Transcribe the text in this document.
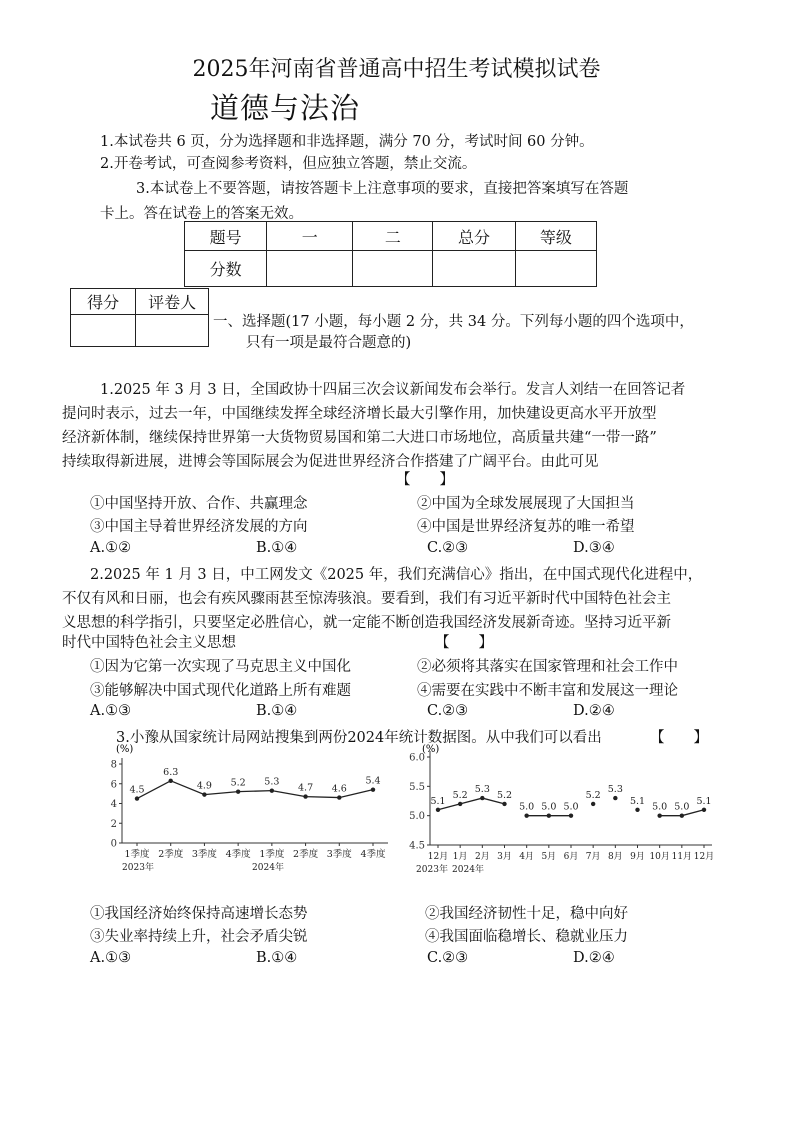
2025年河南省普通高中招生考试模拟试卷
道德与法治
1.本试卷共 6 页，分为选择题和非选择题，满分 70 分，考试时间 60 分钟。
2.开卷考试，可查阅参考资料，但应独立答题，禁止交流。
3.本试卷上不要答题，请按答题卡上注意事项的要求，直接把答案填写在答题
卡上。答在试卷上的答案无效。
题号	一	二	总分	等级
分数				
得分	评卷人

一、选择题(17 小题，每小题 2 分，共 34 分。下列每小题的四个选项中，
只有一项是最符合题意的)
1.2025 年 3 月 3 日，全国政协十四届三次会议新闻发布会举行。发言人刘结一在回答记者
提问时表示，过去一年，中国继续发挥全球经济增长最大引擎作用，加快建设更高水平开放型
经济新体制，继续保持世界第一大货物贸易国和第二大进口市场地位，高质量共建“一带一路”
持续取得新进展，进博会等国际展会为促进世界经济合作搭建了广阔平台。由此可见
【　　】
①中国坚持开放、合作、共赢理念	②中国为全球发展展现了大国担当
③中国主导着世界经济发展的方向	④中国是世界经济复苏的唯一希望
A.①②	B.①④	C.②③	D.③④
2.2025 年 1 月 3 日，中工网发文《2025 年，我们充满信心》指出，在中国式现代化进程中，
不仅有风和日丽，也会有疾风骤雨甚至惊涛骇浪。要看到，我们有习近平新时代中国特色社会主
义思想的科学指引，只要坚定必胜信心，就一定能不断创造我国经济发展新奇迹。坚持习近平新
时代中国特色社会主义思想	【　　】
①因为它第一次实现了马克思主义中国化	②必须将其落实在国家管理和社会工作中
③能够解决中国式现代化道路上所有难题	④需要在实践中不断丰富和发展这一理论
A.①③	B.①④	C.②③	D.②④
3.小豫从国家统计局网站搜集到两份2024年统计数据图。从中我们可以看出	【　　】
(%)
0
2
4
6
8
4.5
1季度
6.3
2季度
4.9
3季度
5.2
4季度
5.3
1季度
4.7
2季度
4.6
3季度
5.4
4季度
2023年	2024年
(%)
4.5
5.0
5.5
6.0
5.1
12月
5.2
1月
5.3
2月
5.2
3月
5.0
4月
5.0
5月
5.0
6月
5.2
7月
5.3
8月
5.1
9月
5.0
10月
5.0
11月
5.1
12月
2023年 2024年
①我国经济始终保持高速增长态势	②我国经济韧性十足，稳中向好
③失业率持续上升，社会矛盾尖锐	④我国面临稳增长、稳就业压力
A.①③	B.①④	C.②③	D.②④
